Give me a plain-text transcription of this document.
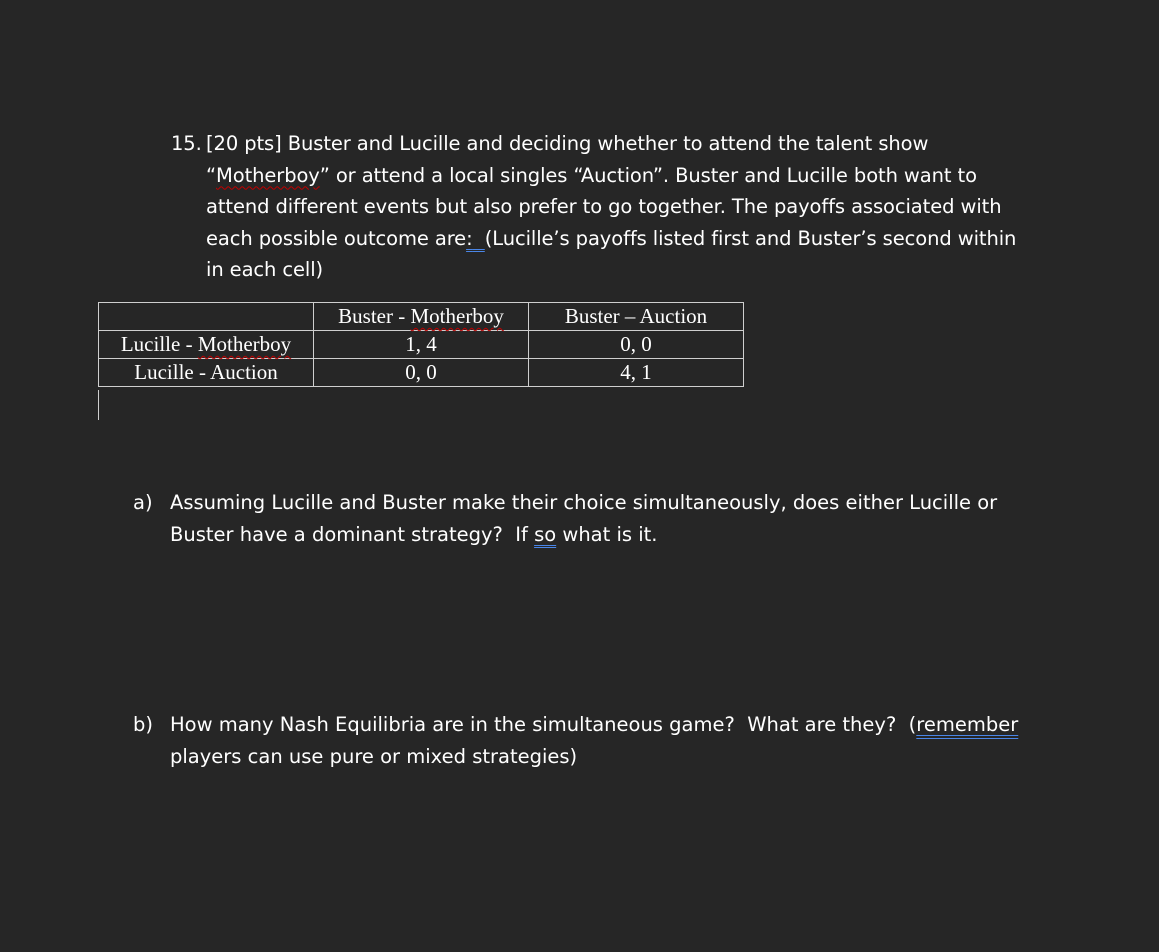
15. [20 pts] Buster and Lucille and deciding whether to attend the talent show
“Motherboy” or attend a local singles “Auction”. Buster and Lucille both want to
attend different events but also prefer to go together. The payoffs associated with
each possible outcome are: (Lucille’s payoffs listed first and Buster’s second within
in each cell)
	Buster - Motherboy	Buster – Auction
Lucille - Motherboy	1, 4	0, 0
Lucille - Auction	0, 0	4, 1
a) Assuming Lucille and Buster make their choice simultaneously, does either Lucille or
Buster have a dominant strategy?  If so what is it.
b) How many Nash Equilibria are in the simultaneous game?  What are they?  (remember
players can use pure or mixed strategies)
